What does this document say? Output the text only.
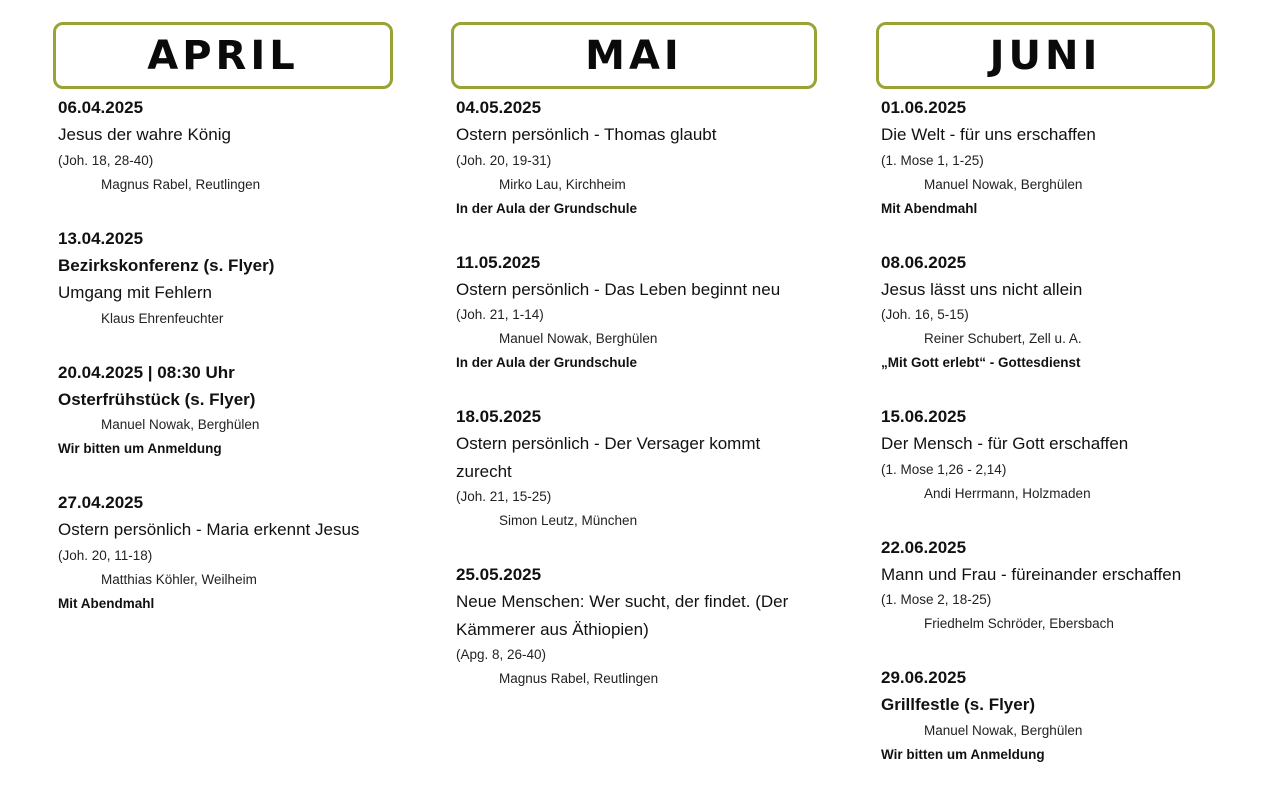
APRIL
06.04.2025
Jesus der wahre König
(Joh. 18, 28-40)
Magnus Rabel, Reutlingen
13.04.2025
Bezirkskonferenz (s. Flyer)
Umgang mit Fehlern
Klaus Ehrenfeuchter
20.04.2025 | 08:30 Uhr
Osterfrühstück (s. Flyer)
Manuel Nowak, Berghülen
Wir bitten um Anmeldung
27.04.2025
Ostern persönlich - Maria erkennt Jesus
(Joh. 20, 11-18)
Matthias Köhler, Weilheim
Mit Abendmahl
MAI
04.05.2025
Ostern persönlich - Thomas glaubt
(Joh. 20, 19-31)
Mirko Lau, Kirchheim
In der Aula der Grundschule
11.05.2025
Ostern persönlich - Das Leben beginnt neu
(Joh. 21, 1-14)
Manuel Nowak, Berghülen
In der Aula der Grundschule
18.05.2025
Ostern persönlich - Der Versager kommt zurecht
(Joh. 21, 15-25)
Simon Leutz, München
25.05.2025
Neue Menschen: Wer sucht, der findet. (Der Kämmerer aus Äthiopien)
(Apg. 8, 26-40)
Magnus Rabel, Reutlingen
JUNI
01.06.2025
Die Welt - für uns erschaffen
(1. Mose 1, 1-25)
Manuel Nowak, Berghülen
Mit Abendmahl
08.06.2025
Jesus lässt uns nicht allein
(Joh. 16, 5-15)
Reiner Schubert, Zell u. A.
„Mit Gott erlebt“ - Gottesdienst
15.06.2025
Der Mensch - für Gott erschaffen
(1. Mose 1,26 - 2,14)
Andi Herrmann, Holzmaden
22.06.2025
Mann und Frau - füreinander erschaffen
(1. Mose 2, 18-25)
Friedhelm Schröder, Ebersbach
29.06.2025
Grillfestle (s. Flyer)
Manuel Nowak, Berghülen
Wir bitten um Anmeldung
